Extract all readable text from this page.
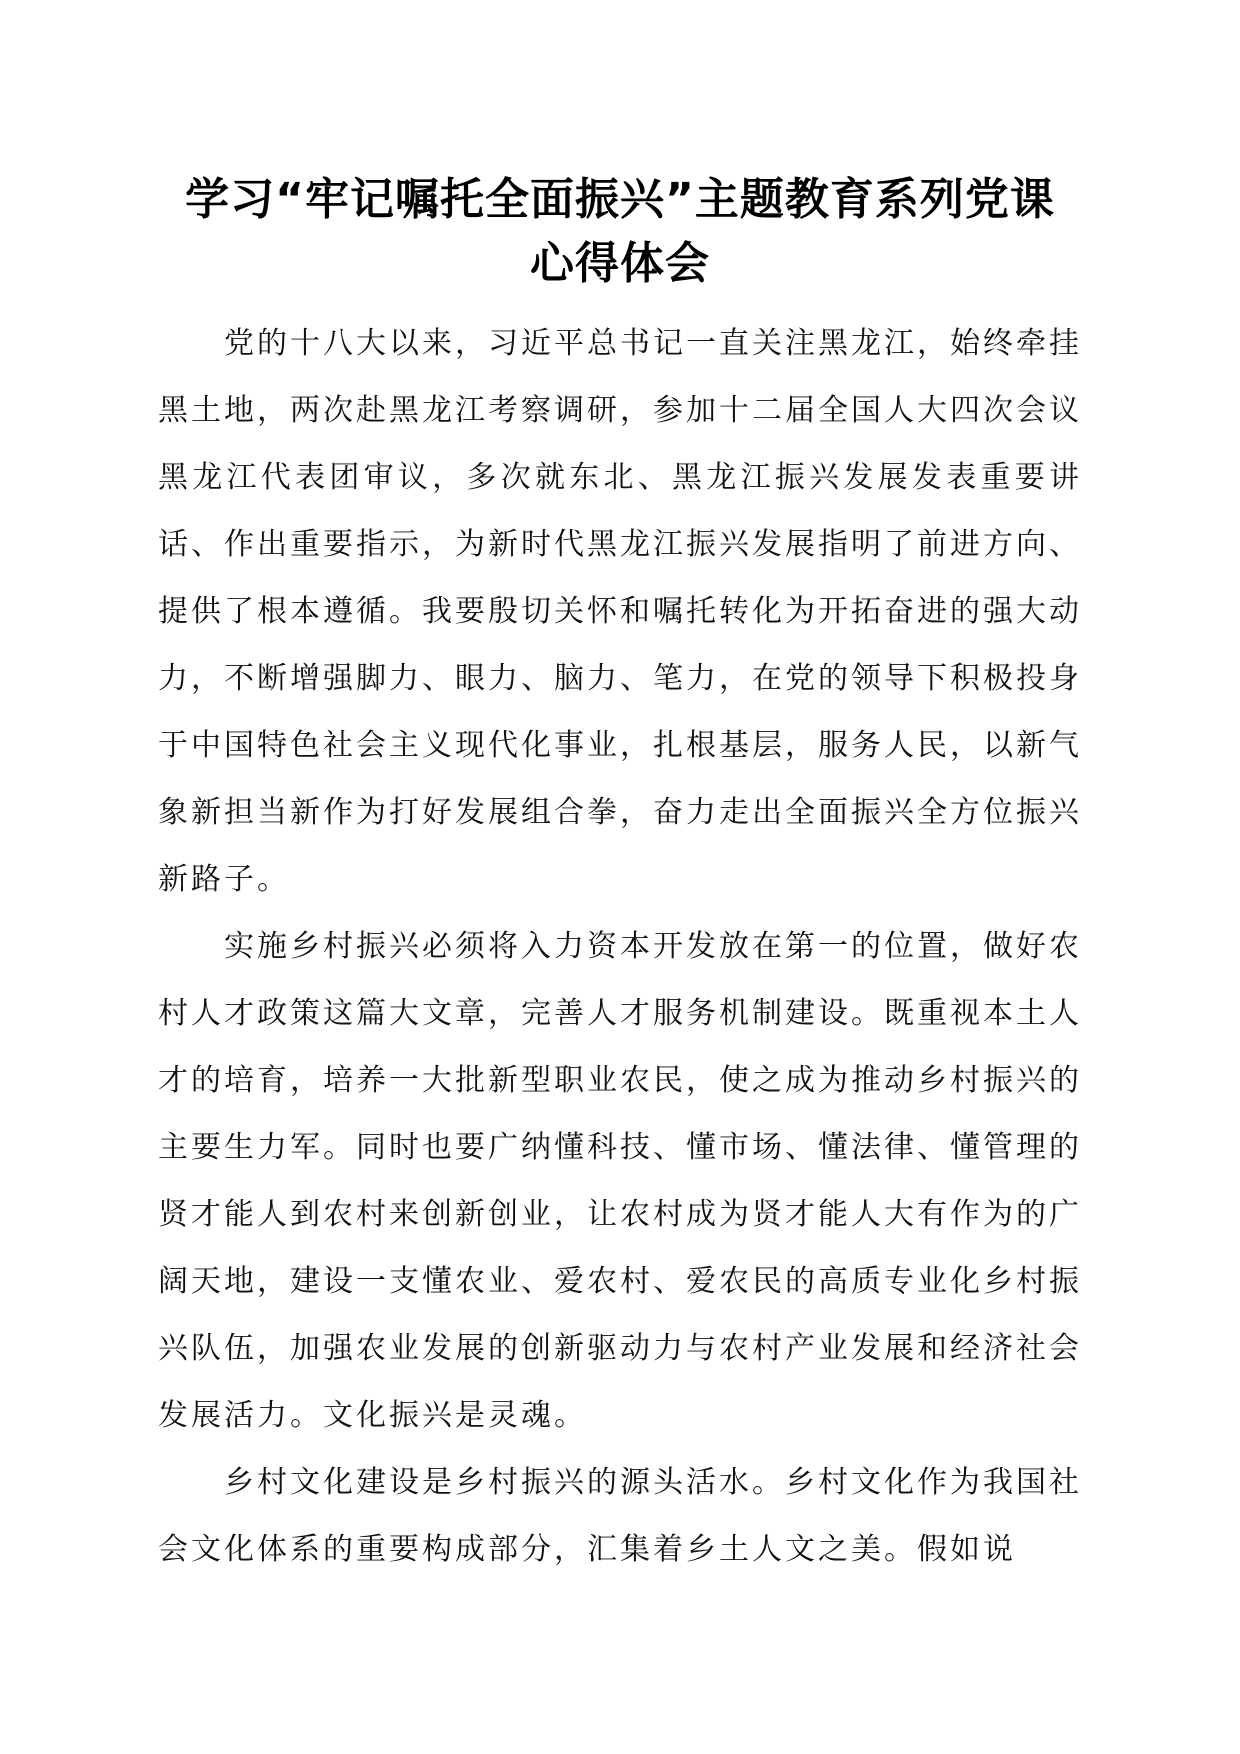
学习“牢记嘱托全面振兴”主题教育系列党课
心得体会

党的十八大以来，习近平总书记一直关注黑龙江，始终牵挂黑土地，两次赴黑龙江考察调研，参加十二届全国人大四次会议黑龙江代表团审议，多次就东北、黑龙江振兴发展发表重要讲话、作出重要指示，为新时代黑龙江振兴发展指明了前进方向、提供了根本遵循。我要殷切关怀和嘱托转化为开拓奋进的强大动力，不断增强脚力、眼力、脑力、笔力，在党的领导下积极投身于中国特色社会主义现代化事业，扎根基层，服务人民，以新气象新担当新作为打好发展组合拳，奋力走出全面振兴全方位振兴新路子。

实施乡村振兴必须将入力资本开发放在第一的位置，做好农村人才政策这篇大文章，完善人才服务机制建设。既重视本土人才的培育，培养一大批新型职业农民，使之成为推动乡村振兴的主要生力军。同时也要广纳懂科技、懂市场、懂法律、懂管理的贤才能人到农村来创新创业，让农村成为贤才能人大有作为的广阔天地，建设一支懂农业、爱农村、爱农民的高质专业化乡村振兴队伍，加强农业发展的创新驱动力与农村产业发展和经济社会发展活力。文化振兴是灵魂。

乡村文化建设是乡村振兴的源头活水。乡村文化作为我国社会文化体系的重要构成部分，汇集着乡土人文之美。假如说
